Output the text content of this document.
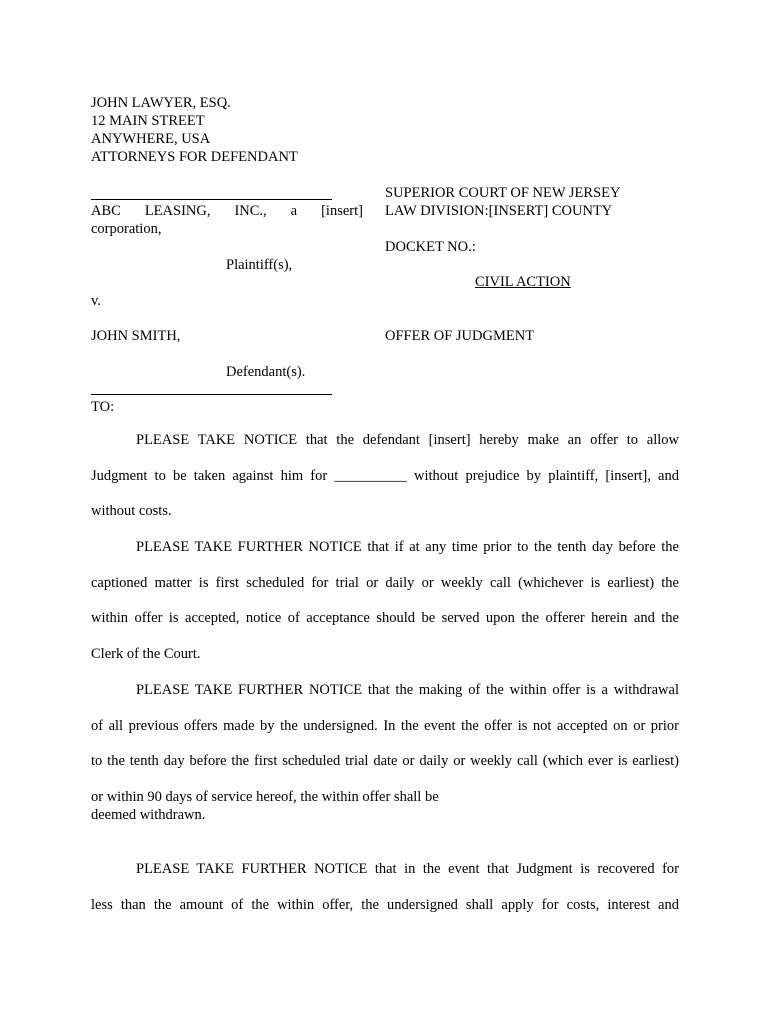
JOHN LAWYER, ESQ.
12 MAIN STREET
ANYWHERE, USA
ATTORNEYS FOR DEFENDANT
ABC LEASING, INC., a [insert]
corporation,
Plaintiff(s),
v.
JOHN SMITH,
Defendant(s).
TO:
SUPERIOR COURT OF NEW JERSEY
LAW DIVISION:[INSERT] COUNTY
DOCKET NO.:
CIVIL ACTION
OFFER OF JUDGMENT
PLEASE TAKE NOTICE that the defendant [insert] hereby make an offer to allow
Judgment to be taken against him for __________ without prejudice by plaintiff, [insert], and
without costs.
PLEASE TAKE FURTHER NOTICE that if at any time prior to the tenth day before the
captioned matter is first scheduled for trial or daily or weekly call (whichever is earliest) the
within offer is accepted, notice of acceptance should be served upon the offerer herein and the
Clerk of the Court.
PLEASE TAKE FURTHER NOTICE that the making of the within offer is a withdrawal
of all previous offers made by the undersigned. In the event the offer is not accepted on or prior
to the tenth day before the first scheduled trial date or daily or weekly call (which ever is earliest)
or within 90 days of service hereof, the within offer shall be
deemed withdrawn.
PLEASE TAKE FURTHER NOTICE that in the event that Judgment is recovered for
less than the amount of the within offer, the undersigned shall apply for costs, interest and
